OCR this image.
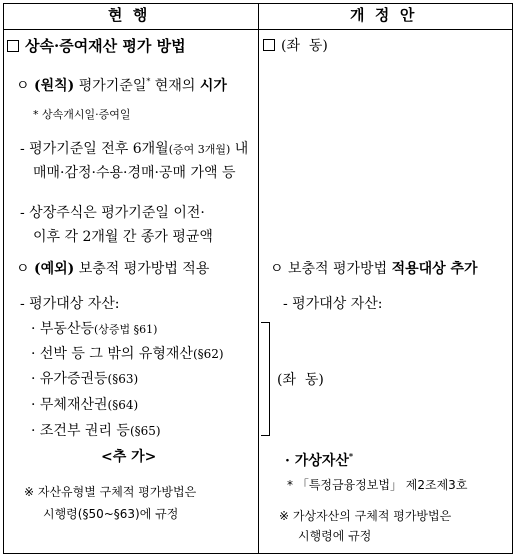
현  행	개  정  안
상속·증여재산 평가 방법
ㅇ (원칙) 평가기준일* 현재의 시가
* 상속개시일·증여일
- 평가기준일 전후 6개월(증여 3개월) 내
매매·감정·수용·경매·공매 가액 등
- 상장주식은 평가기준일 이전·
이후 각 2개월 간 종가 평균액
ㅇ (예외) 보충적 평가방법 적용
- 평가대상 자산:
· 부동산등(상증법 §61)
· 선박 등 그 밖의 유형재산(§62)
· 유가증권등(§63)
· 무체재산권(§64)
· 조건부 권리 등(§65)
<추 가>
※ 자산유형별 구체적 평가방법은
시행령(§50~§63)에 규정
(좌  동)
ㅇ 보충적 평가방법 적용대상 추가
- 평가대상 자산:
(좌  동)
· 가상자산*
* 「특정금융정보법」 제2조제3호
※ 가상자산의 구체적 평가방법은
시행령에 규정
